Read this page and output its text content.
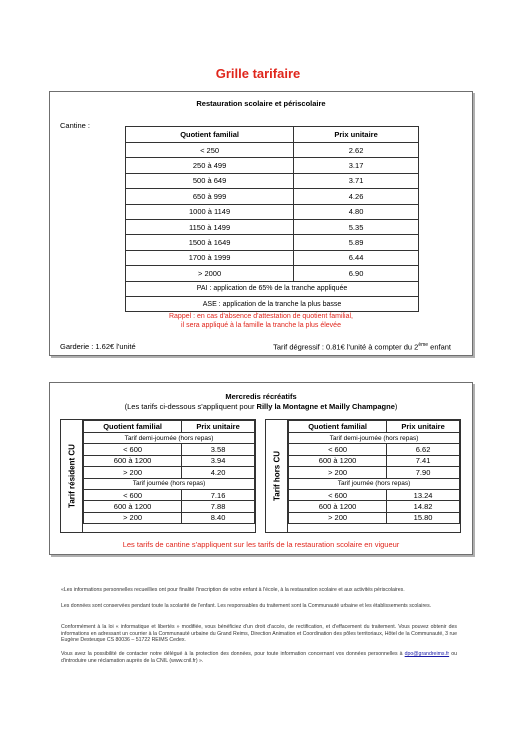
Grille tarifaire
Restauration scolaire et périscolaire
Cantine :
Quotient familial	Prix unitaire
< 250	2.62
250 à 499	3.17
500 à 649	3.71
650 à 999	4.26
1000 à 1149	4.80
1150 à 1499	5.35
1500 à 1649	5.89
1700 à 1999	6.44
> 2000	6.90
PAI : application de 65% de la tranche appliquée	
ASE : application de la tranche la plus basse	
Rappel : en cas d'absence d'attestation de quotient familial,
il sera appliqué à la famille la tranche la plus élevée
Garderie : 1.62€ l'unité	Tarif dégressif : 0.81€ l'unité à compter du 2ème enfant
Mercredis récréatifs
(Les tarifs ci-dessous s'appliquent pour Rilly la Montagne et Mailly Champagne)
Tarif résident CU
Quotient familial	Prix unitaire
Tarif demi-journée (hors repas)	
< 600	3.58
600 à 1200	3.94
> 200	4.20
Tarif journée (hors repas)	
< 600	7.16
600 à 1200	7.88
> 200	8.40
Tarif hors CU
Quotient familial	Prix unitaire
Tarif demi-journée (hors repas)	
< 600	6.62
600 à 1200	7.41
> 200	7.90
Tarif journée (hors repas)	
< 600	13.24
600 à 1200	14.82
> 200	15.80
Les tarifs de cantine s'appliquent sur les tarifs de la restauration scolaire en vigueur
«Les informations personnelles recueillies ont pour finalité l'inscription de votre enfant à l'école, à la restauration scolaire et aux activités périscolaires.
Les données sont conservées pendant toute la scolarité de l'enfant. Les responsables du traitement sont la Communauté urbaine et les établissements scolaires.
Conformément à la loi « informatique et libertés » modifiée, vous bénéficiez d'un droit d'accès, de rectification, et d'effacement du traitement. Vous pouvez obtenir des informations en adressant un courrier à la Communauté urbaine du Grand Reims, Direction Animation et Coordination des pôles territoriaux, Hôtel de la Communauté, 3 rue Eugène Desteuque CS 80036 – 51722 REIMS Cedex.
Vous avez la possibilité de contacter notre délégué à la protection des données, pour toute information concernant vos données personnelles à dpo@grandreims.fr ou d'introduire une réclamation auprès de la CNIL (www.cnil.fr) ».
